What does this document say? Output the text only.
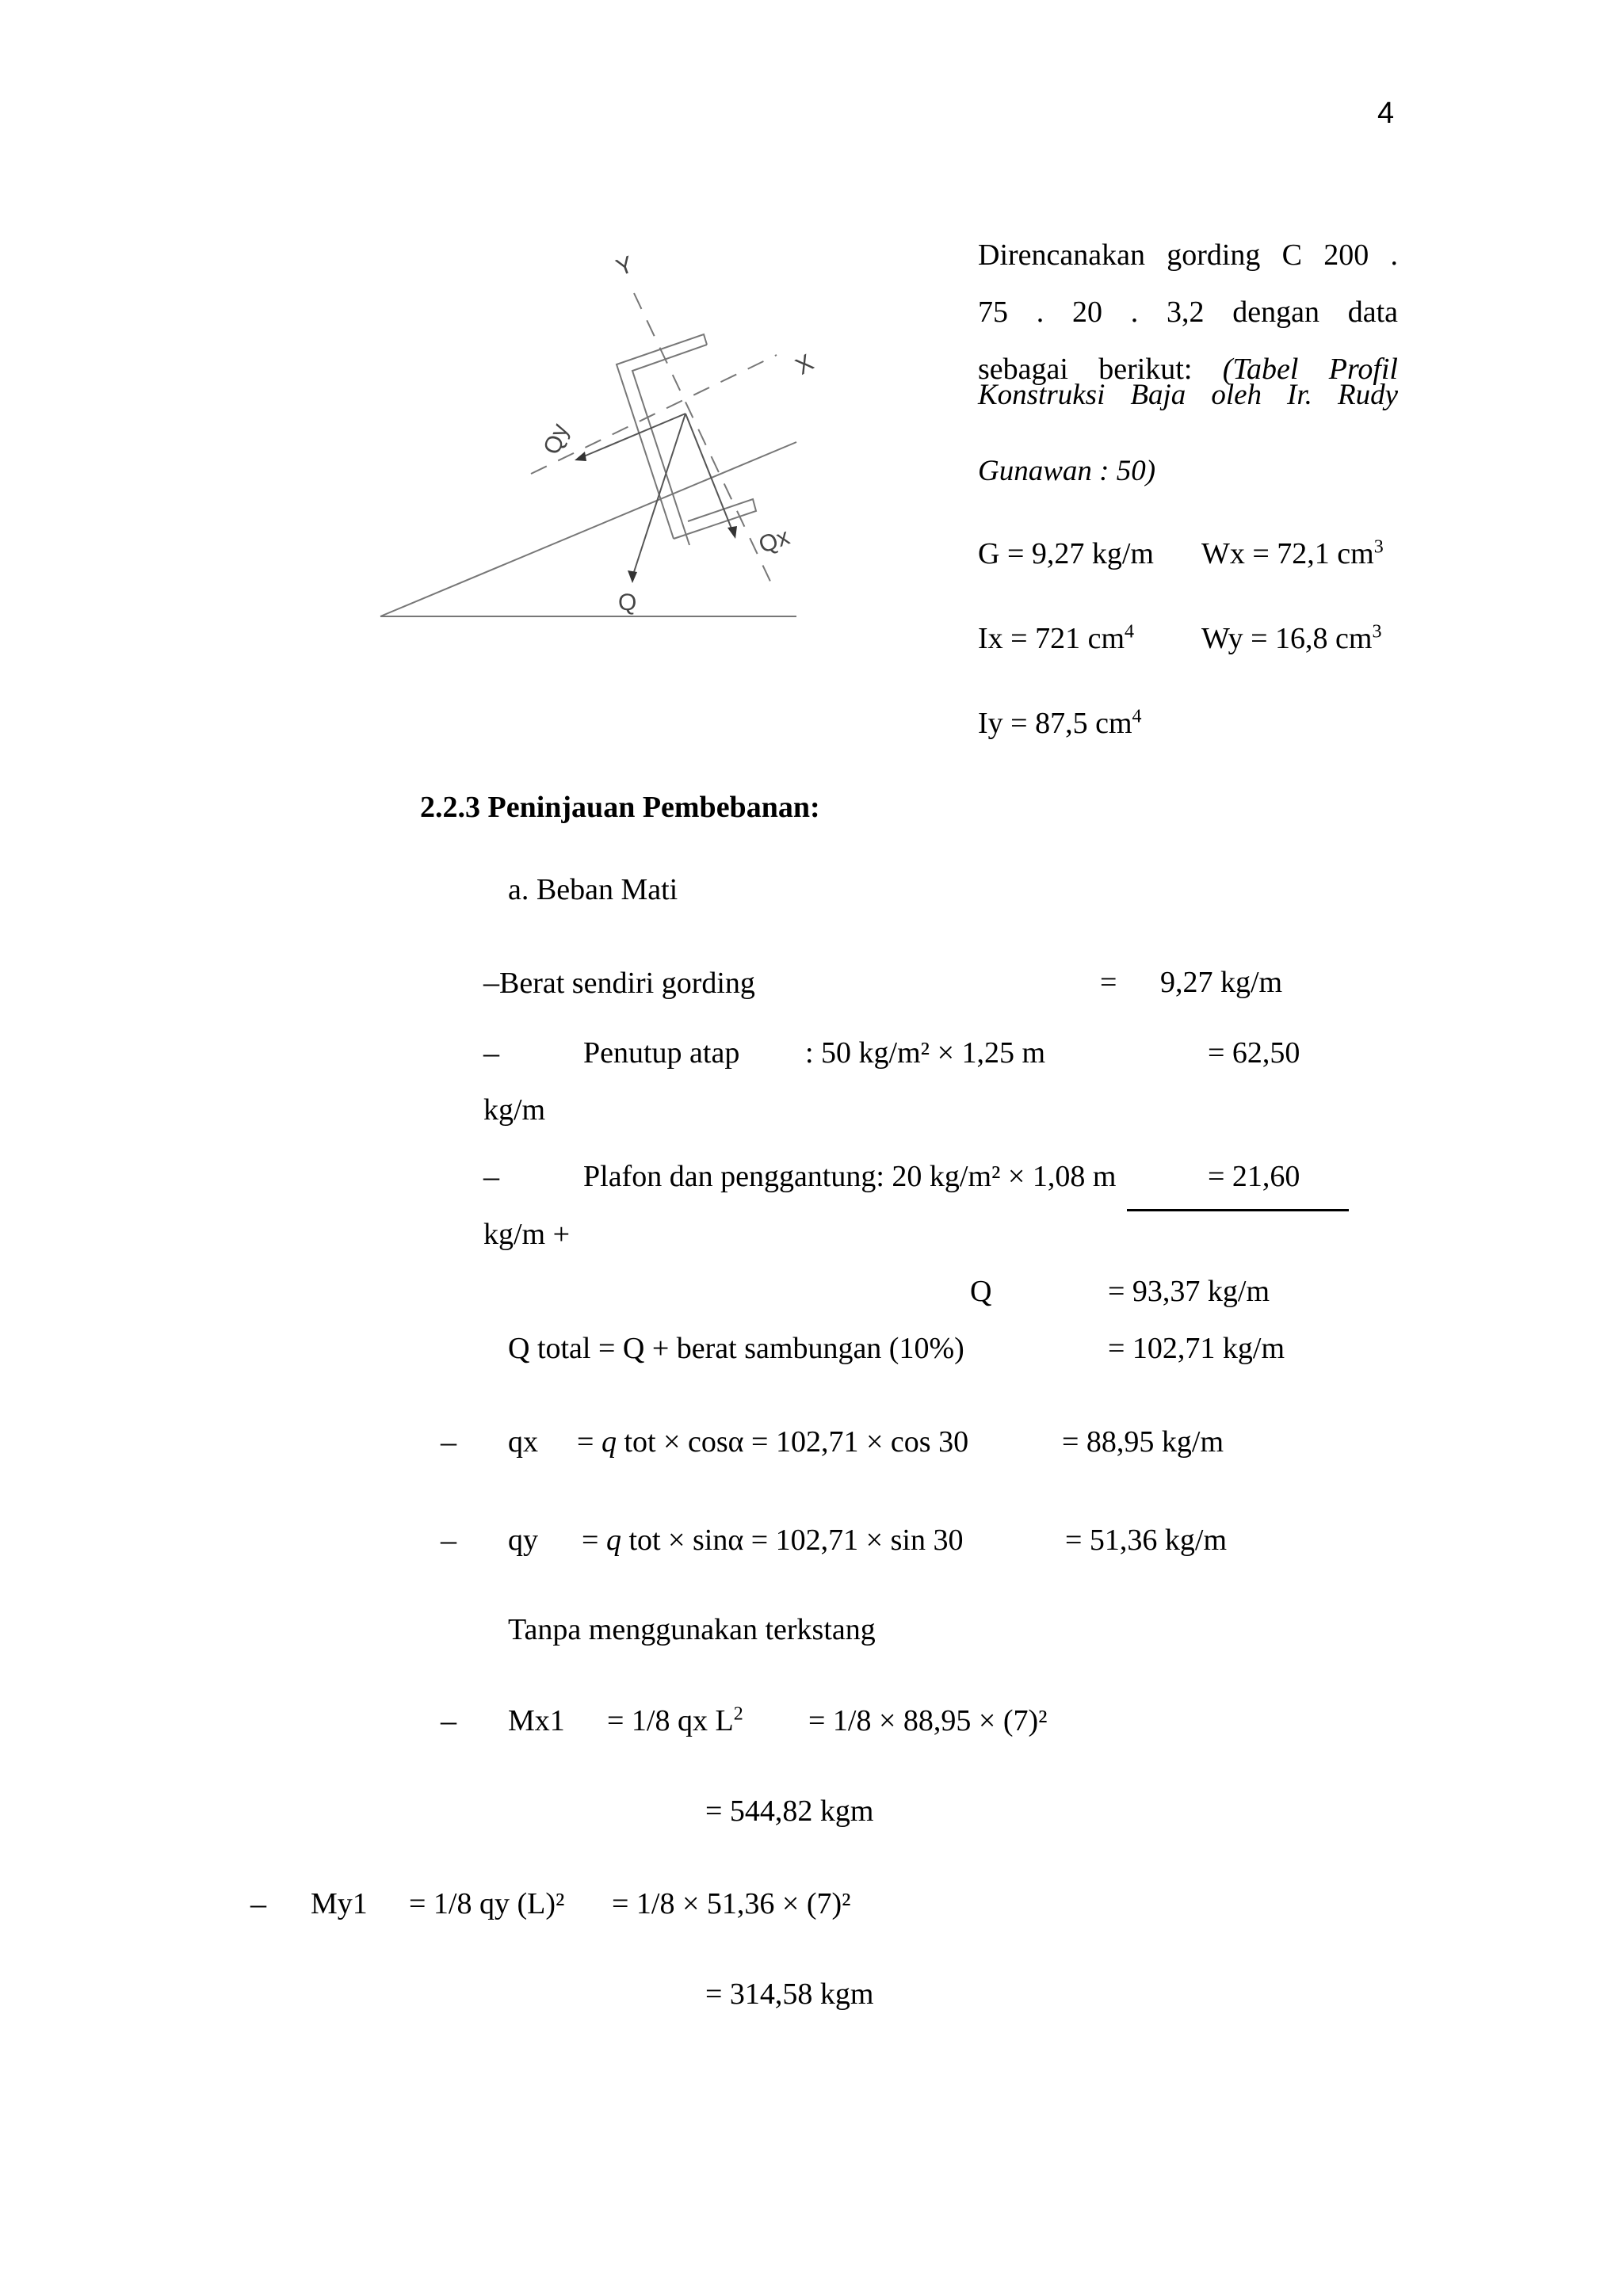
4
Y
X
Qy
Qx
Q
Direncanakan gording C 200 .
75 . 20 . 3,2 dengan data
sebagai berikut: (Tabel Profil
Konstruksi Baja oleh Ir. Rudy
Gunawan : 50)
G = 9,27 kg/m Wx = 72,1 $cm^3$
Ix = 721 $cm^4$ Wy = 16,8 $cm^3$
Iy = 87,5 $cm^4$
2.2.3 Peninjauan Pembebanan:
a. Beban Mati
–Berat sendiri gording	= 9,27 kg/m
–	Penutup atap : 50 kg/m² × 1,25 m	= 62,50
kg/m
–	Plafon dan penggantung: 20 kg/m² × 1,08 m	= 21,60
kg/m +
Q	= 93,37 kg/m
Q total = Q + berat sambungan (10%)	= 102,71 kg/m
– qx = q tot × cosα = 102,71 × cos 30	= 88,95 kg/m
– qy = q tot × sinα = 102,71 × sin 30	= 51,36 kg/m
Tanpa menggunakan terkstang
– Mx1 = 1/8 qx $L^2 = 1/8 \times 88,95 \times (7)^2$
= 544,82 kgm
– My1 = 1/8 qy (L)² = 1/8 × 51,36 × (7)²
= 314,58 kgm
